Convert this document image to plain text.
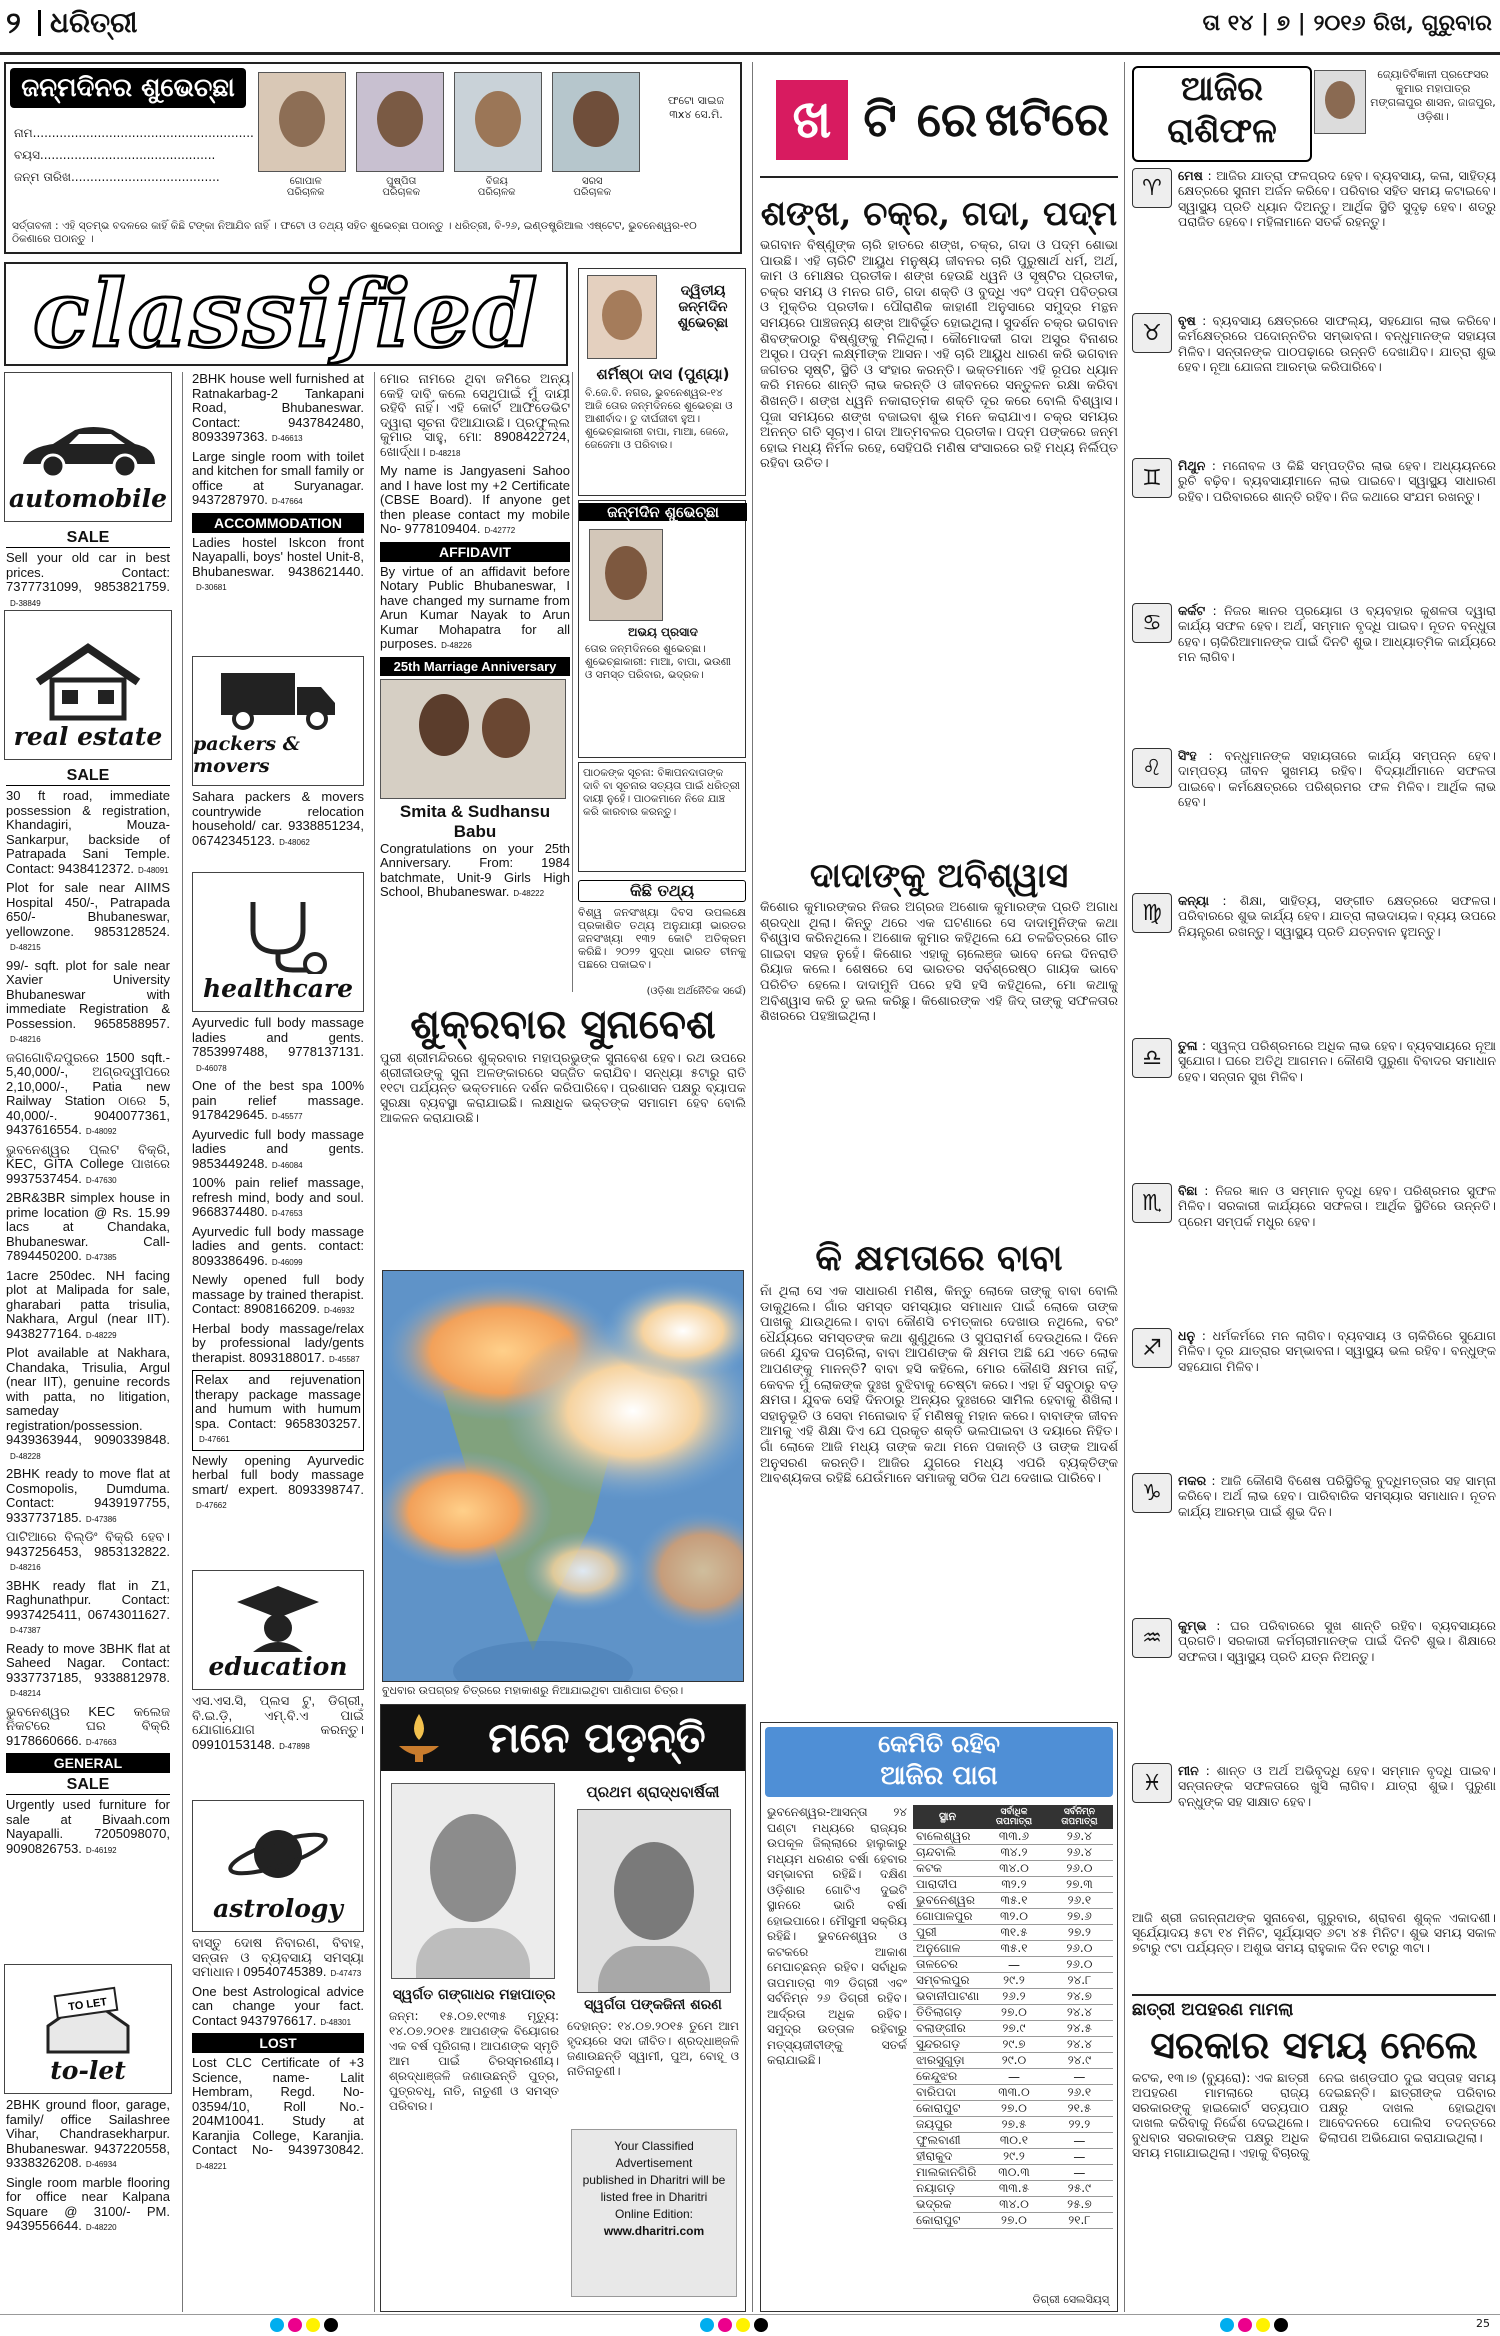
୨ ଧରିତ୍ରୀ	ତା ୧୪ | ୭ | ୨୦୧୬ ରିଖ, ଗୁରୁବାର
ଜନ୍ମଦିନର ଶୁଭେଚ୍ଛା
ନାମ..........................................................
ବୟସ..............................................
ଜନ୍ମ ତାରିଖ.......................................	ଗୋପାଳ
ପରିଚାଳକ
ପୁଷ୍ପିତା
ପରିଚାଳକ
ବିଜୟ
ପରିଚାଳକ
ସରସ
ପରିଚାଳକ
ଫଟୋ ସାଇଜ ୩x୪ ସେ.ମି.
ସର୍ତ୍ତାବଳୀ : ଏହି ସ୍ତମ୍ଭ ବଦଳରେ କାହିଁ କିଛି ଟଙ୍କା ନିଆଯିବ ନାହିଁ । ଫଟୋ ଓ ତଥ୍ୟ ସହିତ ଶୁଭେଚ୍ଛା ପଠାନ୍ତୁ । ଧରିତ୍ରୀ, ବି-୨୬, ଇଣ୍ଡଷ୍ଟ୍ରିଆଲ ଏଷ୍ଟେଟ, ଭୁବନେଶ୍ୱର-୧୦ ଠିକଣାରେ ପଠାନ୍ତୁ ।
classified
automobile
real estate
SALE
Sell your old car in best prices. Contact: 7377731099, 9853821759.D-38849
SALE
30 ft road, immediate possession & registration, Khandagiri, Mouza-Sankarpur, backside of Patrapada Sani Temple. Contact: 9438412372. D-48091
Plot for sale near AIIMS Hospital 450/-, Patrapada 650/- Bhubaneswar, yellowzone. 9853128524.D-48215
99/- sqft. plot for sale near Xavier University Bhubaneswar with immediate Registration & Possession. 9658588957.D-48216
ଜଗଗୋବିନ୍ଦପୁରରେ 1500 sqft.- 5,40,000/-, ଅଗ୍ରଦ୍ୱୀପରେ 2,10,000/-, Patia new Railway Station ଠାରେ 5, 40,000/-. 9040077361, 9437616554. D-48092
ଭୁବନେଶ୍ୱର ପ୍ଲଟ ବିକ୍ରି, KEC, GITA College ପାଖରେ 9937537454. D-47630
2BR&3BR simplex house in prime location @ Rs. 15.99 lacs at Chandaka, Bhubaneswar. Call- 7894450200. D-47385
1acre 250dec. NH facing plot at Malipada for sale, gharabari patta trisulia, Nakhara, Argul (near IIT). 9438277164. D-48229
Plot available at Nakhara, Chandaka, Trisulia, Argul (near IIT), genuine records with patta, no litigation, sameday registration/possession. 9439363944, 9090339848.D-48228
2BHK ready to move flat at Cosmopolis, Dumduma. Contact: 9439197755, 9337737185. D-47386
ପାଟିଆରେ ବିଲ୍ଡିଂ ବିକ୍ରି ହେବ। 9437256453, 9853132822.D-48216
3BHK ready flat in Z1, Raghunathpur. Contact: 9937425411, 06743011627.D-47387
Ready to move 3BHK flat at Saheed Nagar. Contact: 9337737185, 9338812978.D-48214
ଭୁବନେଶ୍ୱର KEC କଲେଜ ନିକଟରେ ଘର ବିକ୍ରି 9178660666. D-47663
GENERAL
SALE
Urgently used furniture for sale at Bivaah.com Nayapalli. 7205098070, 9090826753. D-46192
TO LET
to-let
2BHK ground floor, garage, family/ office Sailashree Vihar, Chandrasekharpur. Bhubaneswar. 9437220558, 9338326208. D-46934
Single room marble flooring for office near Kalpana Square @ 3100/- PM. 9439556644. D-48220
2BHK house well furnished at Ratnakarbag-2 Tankapani Road, Bhubaneswar. Contact: 9437842480, 8093397363. D-46613
Large single room with toilet and kitchen for small family or office at Suryanagar. 9437287970. D-47664
ACCOMMODATION
Ladies hostel Iskcon front Nayapalli, boys' hostel Unit-8, Bhubaneswar. 9438621440.D-30681
packers & movers
Sahara packers & movers countrywide relocation household/ car. 9338851234, 06742345123. D-48062
healthcare
Ayurvedic full body massage ladies and gents. 7853997488, 9778137131.D-46078
One of the best spa 100% pain relief massage. 9178429645. D-45577
Ayurvedic full body massage ladies and gents. 9853449248. D-46084
100% pain relief massage, refresh mind, body and soul. 9668374480. D-47653
Ayurvedic full body massage ladies and gents. contact: 8093386496. D-46099
Newly opened full body massage by trained therapist. Contact: 8908166209. D-46932
Herbal body massage/relax by professional lady/gents therapist. 8093188017. D-45587
Relax and rejuvenation therapy package massage and humum with humum spa. Contact: 9658303257.D-47661
Newly opening Ayurvedic herbal full body massage smart/ expert. 8093398747.D-47662
education
ଏସ.ଏସ.ସି, ପ୍ଲସ ଟୁ, ଡିଗ୍ରୀ, ବି.ଇ.ଡ଼ି, ଏମ୍.ବି.ଏ ପାଇଁ ଯୋଗାଯୋଗ କରନ୍ତୁ। 09910153148. D-47898
astrology
ବାସ୍ତୁ ଦୋଷ ନିବାରଣ, ବିବାହ, ସନ୍ତାନ ଓ ବ୍ୟବସାୟ ସମସ୍ୟା ସମାଧାନ। 09540745389. D-47473
One best Astrological advice can change your fact. Contact 9437976617. D-48301
LOST
Lost CLC Certificate of +3 Science, name- Lalit Hembram, Regd. No- 03594/10, Roll No.- 204M10041. Study at Karanjia College, Karanjia. Contact No- 9439730842.D-48221
ମୋର ନାମରେ ଥିବା ଜମିରେ ଅନ୍ୟ କେହି ଦାବି କଲେ ସେଥିପାଇଁ ମୁଁ ଦାୟୀ ରହିବି ନାହିଁ। ଏହି କୋର୍ଟ ଆଫିଡେଭିଟ ଦ୍ୱାରା ସୂଚନା ଦିଆଯାଉଛି। ପ୍ରଫୁଲ୍ଲ କୁମାର ସାହୁ, ମୋ: 8908422724, ଖୋର୍ଦ୍ଧା। D-48218
My name is Jangyaseni Sahoo and I have lost my +2 Certificate (CBSE Board). If anyone get then please contact my mobile No- 9778109404. D-42772
AFFIDAVIT
By virtue of an affidavit before Notary Public Bhubaneswar, I have changed my surname from Arun Kumar Nayak to Arun Kumar Mohapatra for all purposes. D-48226
25th Marriage Anniversary
Smita & Sudhansu Babu
Congratulations on your 25th Anniversary. From: 1984 batchmate, Unit-9 Girls High School, Bhubaneswar. D-48222
ଦ୍ୱିତୀୟ ଜନ୍ମଦିନ ଶୁଭେଚ୍ଛା
ଶର୍ମିଷ୍ଠା ଦାସ (ପୁଣ୍ୟା)
ବି.ଜେ.ବି. ନଗର, ଭୁବନେଶ୍ୱର-୧୪ ଆଜି ତୋର ଜନ୍ମଦିନରେ ଶୁଭେଚ୍ଛା ଓ ଆଶୀର୍ବାଦ। ତୁ ଦୀର୍ଘଜୀବୀ ହୁଅ। ଶୁଭେଚ୍ଛାକାରୀ ବାପା, ମାଆ, ଜେଜେ, ଜେଜେମା ଓ ପରିବାର।
ଜନ୍ମଦିନ ଶୁଭେଚ୍ଛା
ଅଭୟ ପ୍ରସାଦ
ତୋର ଜନ୍ମଦିନରେ ଶୁଭେଚ୍ଛା। ଶୁଭେଚ୍ଛାକାରୀ: ମାଆ, ବାପା, ଭଉଣୀ ଓ ସମସ୍ତ ପରିବାର, ଭଦ୍ରକ।
ପାଠକଙ୍କ ସୂଚନା: ବିଜ୍ଞାପନଦାତାଙ୍କ ଦାବି ବା ସୂଚନାର ସତ୍ୟତା ପାଇଁ ଧରିତ୍ରୀ ଦାୟୀ ନୁହେଁ। ପାଠକମାନେ ନିଜେ ଯାଞ୍ଚ କରି କାରବାର କରନ୍ତୁ।
କିଛି ତଥ୍ୟ
ବିଶ୍ୱ ଜନସଂଖ୍ୟା ଦିବସ ଉପଲକ୍ଷେ ପ୍ରକାଶିତ ତଥ୍ୟ ଅନୁଯାୟୀ ଭାରତର ଜନସଂଖ୍ୟା ୧୩୨ କୋଟି ଅତିକ୍ରମ କରିଛି। ୨୦୨୨ ସୁଦ୍ଧା ଭାରତ ଚୀନକୁ ପଛରେ ପକାଇବ।
(ଓଡ଼ିଶା ଅର୍ଥନୈତିକ ସର୍ଭେ)
ଶୁକ୍ରବାର ସୁନାବେଶ
ପୁରୀ ଶ୍ରୀମନ୍ଦିରରେ ଶୁକ୍ରବାର ମହାପ୍ରଭୁଙ୍କ ସୁନାବେଶ ହେବ। ରଥ ଉପରେ ଶ୍ରୀଜୀଉଙ୍କୁ ସୁନା ଅଳଙ୍କାରରେ ସଜ୍ଜିତ କରାଯିବ। ସନ୍ଧ୍ୟା ୫ଟାରୁ ରାତି ୧୧ଟା ପର୍ଯ୍ୟନ୍ତ ଭକ୍ତମାନେ ଦର୍ଶନ କରିପାରିବେ। ପ୍ରଶାସନ ପକ୍ଷରୁ ବ୍ୟାପକ ସୁରକ୍ଷା ବ୍ୟବସ୍ଥା କରାଯାଇଛି। ଲକ୍ଷାଧିକ ଭକ୍ତଙ୍କ ସମାଗମ ହେବ ବୋଲି ଆକଳନ କରାଯାଉଛି।
ବୁଧବାର ଉପଗ୍ରହ ଚିତ୍ରରେ ମହାକାଶରୁ ନିଆଯାଇଥିବା ପାଣିପାଗ ଚିତ୍ର।
ମନେ ପଡ଼ନ୍ତି
ପ୍ରଥମ ଶ୍ରାଦ୍ଧବାର୍ଷିକୀ
ସ୍ୱର୍ଗତ ଗଙ୍ଗାଧର ମହାପାତ୍ର
ଜନ୍ମ: ୧୫.୦୭.୧୯୩୫ ମୃତ୍ୟୁ: ୧୪.୦୭.୨୦୧୫ ଆପଣଙ୍କ ବିୟୋଗର ଏକ ବର୍ଷ ପୂରିଗଲା। ଆପଣଙ୍କ ସ୍ମୃତି ଆମ ପାଇଁ ଚିରସ୍ମରଣୀୟ। ଶ୍ରଦ୍ଧାଞ୍ଜଳି ଜଣାଉଛନ୍ତି ପୁତ୍ର, ପୁତ୍ରବଧୂ, ନାତି, ନାତୁଣୀ ଓ ସମସ୍ତ ପରିବାର।
ସ୍ୱର୍ଗତା ପଙ୍କଜିନୀ ଶରଣ
ଦେହାନ୍ତ: ୧୪.୦୭.୨୦୧୫ ତୁମେ ଆମ ହୃଦୟରେ ସଦା ଜୀବିତ। ଶ୍ରଦ୍ଧାଞ୍ଜଳି ଜଣାଉଛନ୍ତି ସ୍ୱାମୀ, ପୁଅ, ବୋହୂ ଓ ନାତିନାତୁଣୀ।
Your Classified
Advertisement
published in Dharitri will be
listed free in Dharitri
Online Edition:
www.dharitri.com
ଖ ଟି ରେ ଖଟିରେ
ଶଙ୍ଖ, ଚକ୍ର, ଗଦା, ପଦ୍ମ
ଭଗବାନ ବିଷ୍ଣୁଙ୍କ ଚାରି ହାତରେ ଶଙ୍ଖ, ଚକ୍ର, ଗଦା ଓ ପଦ୍ମ ଶୋଭା ପାଉଛି। ଏହି ଚାରିଟି ଆୟୁଧ ମନୁଷ୍ୟ ଜୀବନର ଚାରି ପୁରୁଷାର୍ଥ ଧର୍ମ, ଅର୍ଥ, କାମ ଓ ମୋକ୍ଷର ପ୍ରତୀକ। ଶଙ୍ଖ ହେଉଛି ଧ୍ୱନି ଓ ସୃଷ୍ଟିର ପ୍ରତୀକ, ଚକ୍ର ସମୟ ଓ ମନର ଗତି, ଗଦା ଶକ୍ତି ଓ ବୁଦ୍ଧି ଏବଂ ପଦ୍ମ ପବିତ୍ରତା ଓ ମୁକ୍ତିର ପ୍ରତୀକ। ପୌରାଣିକ କାହାଣୀ ଅନୁସାରେ ସମୁଦ୍ର ମନ୍ଥନ ସମୟରେ ପାଞ୍ଚଜନ୍ୟ ଶଙ୍ଖ ଆବିର୍ଭୂତ ହୋଇଥିଲା। ସୁଦର୍ଶନ ଚକ୍ର ଭଗବାନ ଶିବଙ୍କଠାରୁ ବିଷ୍ଣୁଙ୍କୁ ମିଳିଥିଲା। କୌମୋଦକୀ ଗଦା ଅସୁର ବିନାଶର ଅସ୍ତ୍ର। ପଦ୍ମ ଲକ୍ଷ୍ମୀଙ୍କ ଆସନ। ଏହି ଚାରି ଆୟୁଧ ଧାରଣ କରି ଭଗବାନ ଜଗତର ସୃଷ୍ଟି, ସ୍ଥିତି ଓ ସଂହାର କରନ୍ତି। ଭକ୍ତମାନେ ଏହି ରୂପର ଧ୍ୟାନ କରି ମନରେ ଶାନ୍ତି ଲାଭ କରନ୍ତି ଓ ଜୀବନରେ ସନ୍ତୁଳନ ରକ୍ଷା କରିବା ଶିଖନ୍ତି। ଶଙ୍ଖ ଧ୍ୱନି ନକାରାତ୍ମକ ଶକ୍ତି ଦୂର କରେ ବୋଲି ବିଶ୍ୱାସ। ପୂଜା ସମୟରେ ଶଙ୍ଖ ବଜାଇବା ଶୁଭ ମନେ କରାଯାଏ। ଚକ୍ର ସମୟର ଅନନ୍ତ ଗତି ସୂଚାଏ। ଗଦା ଆତ୍ମବଳର ପ୍ରତୀକ। ପଦ୍ମ ପଙ୍କରେ ଜନ୍ମ ହୋଇ ମଧ୍ୟ ନିର୍ମଳ ରହେ, ସେହିପରି ମଣିଷ ସଂସାରରେ ରହି ମଧ୍ୟ ନିର୍ଲିପ୍ତ ରହିବା ଉଚିତ।
ଦାଦାଙ୍କୁ ଅବିଶ୍ୱାସ
କିଶୋର କୁମାରଙ୍କର ନିଜର ଅଗ୍ରଜ ଅଶୋକ କୁମାରଙ୍କ ପ୍ରତି ଅଗାଧ ଶ୍ରଦ୍ଧା ଥିଲା। କିନ୍ତୁ ଥରେ ଏକ ଘଟଣାରେ ସେ ଦାଦାମୁନିଙ୍କ କଥା ବିଶ୍ୱାସ କରିନଥିଲେ। ଅଶୋକ କୁମାର କହିଥିଲେ ଯେ ଚଳଚ୍ଚିତ୍ରରେ ଗୀତ ଗାଇବା ସହଜ ନୁହେଁ। କିଶୋର ଏହାକୁ ଚାଲେଞ୍ଜ ଭାବେ ନେଇ ଦିନରାତି ରିୟାଜ କଲେ। ଶେଷରେ ସେ ଭାରତର ସର୍ବଶ୍ରେଷ୍ଠ ଗାୟକ ଭାବେ ପରିଚିତ ହେଲେ। ଦାଦାମୁନି ପରେ ହସି ହସି କହିଥିଲେ, ମୋ କଥାକୁ ଅବିଶ୍ୱାସ କରି ତୁ ଭଲ କରିଛୁ। କିଶୋରଙ୍କ ଏହି ଜିଦ୍ ତାଙ୍କୁ ସଫଳତାର ଶିଖରରେ ପହଞ୍ଚାଇଥିଲା।
କି କ୍ଷମତାରେ ବାବା
ନାଁ ଥିଲା ସେ ଏକ ସାଧାରଣ ମଣିଷ, କିନ୍ତୁ ଲୋକେ ତାଙ୍କୁ ବାବା ବୋଲି ଡାକୁଥିଲେ। ଗାଁର ସମସ୍ତ ସମସ୍ୟାର ସମାଧାନ ପାଇଁ ଲୋକେ ତାଙ୍କ ପାଖକୁ ଯାଉଥିଲେ। ବାବା କୌଣସି ଚମତ୍କାର ଦେଖାଉ ନଥିଲେ, ବରଂ ଧୈର୍ଯ୍ୟରେ ସମସ୍ତଙ୍କ କଥା ଶୁଣୁଥିଲେ ଓ ସୁପରାମର୍ଶ ଦେଉଥିଲେ। ଦିନେ ଜଣେ ଯୁବକ ପଚାରିଲା, ବାବା ଆପଣଙ୍କ କି କ୍ଷମତା ଅଛି ଯେ ଏତେ ଲୋକ ଆପଣଙ୍କୁ ମାନନ୍ତି? ବାବା ହସି କହିଲେ, ମୋର କୌଣସି କ୍ଷମତା ନାହିଁ, କେବଳ ମୁଁ ଲୋକଙ୍କ ଦୁଃଖ ବୁଝିବାକୁ ଚେଷ୍ଟା କରେ। ଏହା ହିଁ ସବୁଠାରୁ ବଡ଼ କ୍ଷମତା। ଯୁବକ ସେହି ଦିନଠାରୁ ଅନ୍ୟର ଦୁଃଖରେ ସାମିଲ ହେବାକୁ ଶିଖିଲା। ସହାନୁଭୂତି ଓ ସେବା ମନୋଭାବ ହିଁ ମଣିଷକୁ ମହାନ କରେ। ବାବାଙ୍କ ଜୀବନ ଆମକୁ ଏହି ଶିକ୍ଷା ଦିଏ ଯେ ପ୍ରକୃତ ଶକ୍ତି ଭଲପାଇବା ଓ ଦୟାରେ ନିହିତ। ଗାଁ ଲୋକେ ଆଜି ମଧ୍ୟ ତାଙ୍କ କଥା ମନେ ପକାନ୍ତି ଓ ତାଙ୍କ ଆଦର୍ଶ ଅନୁସରଣ କରନ୍ତି। ଆଜିର ଯୁଗରେ ମଧ୍ୟ ଏପରି ବ୍ୟକ୍ତିଙ୍କ ଆବଶ୍ୟକତା ରହିଛି ଯେଉଁମାନେ ସମାଜକୁ ସଠିକ ପଥ ଦେଖାଇ ପାରିବେ।
କେମିତି ରହିବ
ଆଜିର ପାଗ
ଭୁବନେଶ୍ୱର-ଆସନ୍ତା ୨୪ ଘଣ୍ଟା ମଧ୍ୟରେ ରାଜ୍ୟର ଉପକୂଳ ଜିଲ୍ଲାରେ ହାଲୁକାରୁ ମଧ୍ୟମ ଧରଣର ବର୍ଷା ହେବାର ସମ୍ଭାବନା ରହିଛି। ଦକ୍ଷିଣ ଓଡ଼ିଶାର ଗୋଟିଏ ଦୁଇଟି ସ୍ଥାନରେ ଭାରି ବର୍ଷା ହୋଇପାରେ। ମୌସୁମୀ ସକ୍ରିୟ ରହିଛି। ଭୁବନେଶ୍ୱର ଓ କଟକରେ ଆକାଶ ମେଘାଚ୍ଛନ୍ନ ରହିବ। ସର୍ବାଧିକ ତାପମାତ୍ରା ୩୨ ଡିଗ୍ରୀ ଏବଂ ସର୍ବନିମ୍ନ ୨୬ ଡିଗ୍ରୀ ରହିବ। ଆର୍ଦ୍ରତା ଅଧିକ ରହିବ। ସମୁଦ୍ର ଉତ୍ତାଳ ରହିବାରୁ ମତ୍ସ୍ୟଜୀବୀଙ୍କୁ ସତର୍କ କରାଯାଇଛି।
ସ୍ଥାନ	ସର୍ବାଧିକ ତାପମାତ୍ରା	ସର୍ବନିମ୍ନ ତାପମାତ୍ରା
ବାଲେଶ୍ୱର	୩୩.୬	୨୬.୪
ଚାନ୍ଦବାଲି	୩୪.୨	୨୬.୪
କଟକ	୩୪.୦	୨୬.୦
ପାରାଦୀପ	୩୨.୨	୨୭.୩
ଭୁବନେଶ୍ୱର	୩୫.୧	୨୬.୧
ଗୋପାଳପୁର	୩୨.୦	୨୭.୬
ପୁରୀ	୩୧.୫	୨୭.୨
ଅନୁଗୋଳ	୩୫.୧	୨୬.୦
ତାଳଚେର	—	୨୬.୦
ସମ୍ବଲପୁର	୨୯.୨	୨୪.୮
ଭବାନୀପାଟଣା	୨୬.୨	୨୪.୭
ତିତିଲାଗଡ଼	୨୭.୦	୨୪.୪
ବଲାଙ୍ଗୀର	୨୭.୯	୨୪.୫
ସୁନ୍ଦରଗଡ଼	୨୯.୭	୨୪.୪
ଝାରସୁଗୁଡ଼ା	୨୯.୦	୨୪.୯
କେନ୍ଦୁଝର	—	—
ବାରିପଦା	୩୩.୦	୨୬.୧
କୋରାପୁଟ	୨୭.୦	୨୧.୫
ଜୟପୁର	୨୭.୫	୨୨.୨
ଫୁଲବାଣୀ	୩୦.୧	—
ହୀରାକୁଦ	୨୯.୨	—
ମାଲକାନଗିରି	୩୦.୩	—
ନୟାଗଡ଼	୩୩.୫	୨୫.୯
ଭଦ୍ରକ	୩୪.୦	୨୫.୭
କୋରାପୁଟ	୨୭.୦	୨୧.୮
ଡିଗ୍ରୀ ସେଲସିୟସ୍‌
ଆଜିର
ରାଶିଫଳ
ଜ୍ୟୋତିର୍ବିଜ୍ଞାନୀ ପ୍ରଫେସର କୁମାର ମହାପାତ୍ର ମଙ୍ଗଳାପୁର ଶାସନ, ଜାଜପୁର, ଓଡ଼ିଶା।
♈	ମେଷ : ଆଜିର ଯାତ୍ରା ଫଳପ୍ରଦ ହେବ। ବ୍ୟବସାୟ, କଳା, ସାହିତ୍ୟ କ୍ଷେତ୍ରରେ ସୁନାମ ଅର୍ଜନ କରିବେ। ପରିବାର ସହିତ ସମୟ କଟାଇବେ। ସ୍ୱାସ୍ଥ୍ୟ ପ୍ରତି ଧ୍ୟାନ ଦିଅନ୍ତୁ। ଆର୍ଥିକ ସ୍ଥିତି ସୁଦୃଢ଼ ହେବ। ଶତ୍ରୁ ପରାଜିତ ହେବେ। ମହିଳାମାନେ ସତର୍କ ରହନ୍ତୁ।
♉	ବୃଷ : ବ୍ୟବସାୟ କ୍ଷେତ୍ରରେ ସାଫଲ୍ୟ, ସହଯୋଗ ଲାଭ କରିବେ। କର୍ମକ୍ଷେତ୍ରରେ ପଦୋନ୍ନତିର ସମ୍ଭାବନା। ବନ୍ଧୁମାନଙ୍କ ସହାୟତା ମିଳିବ। ସନ୍ତାନଙ୍କ ପାଠପଢ଼ାରେ ଉନ୍ନତି ଦେଖାଯିବ। ଯାତ୍ରା ଶୁଭ ହେବ। ନୂଆ ଯୋଜନା ଆରମ୍ଭ କରିପାରିବେ।
♊	ମିଥୁନ : ମନୋବଳ ଓ କିଛି ସମ୍ପତ୍ତିର ଲାଭ ହେବ। ଅଧ୍ୟୟନରେ ରୁଚି ବଢ଼ିବ। ବ୍ୟବସାୟୀମାନେ ଲାଭ ପାଇବେ। ସ୍ୱାସ୍ଥ୍ୟ ସାଧାରଣ ରହିବ। ପରିବାରରେ ଶାନ୍ତି ରହିବ। ନିଜ କଥାରେ ସଂଯମ ରଖନ୍ତୁ।
♋	କର୍କଟ : ନିଜର ଜ୍ଞାନର ପ୍ରୟୋଗ ଓ ବ୍ୟବହାର କୁଶଳତା ଦ୍ୱାରା କାର୍ଯ୍ୟ ସଫଳ ହେବ। ଅର୍ଥ, ସମ୍ମାନ ବୃଦ୍ଧି ପାଇବ। ନୂତନ ବନ୍ଧୁତା ହେବ। ଚାକିରିଆମାନଙ୍କ ପାଇଁ ଦିନଟି ଶୁଭ। ଆଧ୍ୟାତ୍ମିକ କାର୍ଯ୍ୟରେ ମନ ଲାଗିବ।
♌	ସିଂହ : ବନ୍ଧୁମାନଙ୍କ ସହାୟତାରେ କାର୍ଯ୍ୟ ସମ୍ପନ୍ନ ହେବ। ଦାମ୍ପତ୍ୟ ଜୀବନ ସୁଖମୟ ରହିବ। ବିଦ୍ୟାର୍ଥୀମାନେ ସଫଳତା ପାଇବେ। କର୍ମକ୍ଷେତ୍ରରେ ପରିଶ୍ରମର ଫଳ ମିଳିବ। ଆର୍ଥିକ ଲାଭ ହେବ।
♍	କନ୍ୟା : ଶିକ୍ଷା, ସାହିତ୍ୟ, ସଙ୍ଗୀତ କ୍ଷେତ୍ରରେ ସଫଳତା। ପରିବାରରେ ଶୁଭ କାର୍ଯ୍ୟ ହେବ। ଯାତ୍ରା ଲାଭଦାୟକ। ବ୍ୟୟ ଉପରେ ନିୟନ୍ତ୍ରଣ ରଖନ୍ତୁ। ସ୍ୱାସ୍ଥ୍ୟ ପ୍ରତି ଯତ୍ନବାନ ହୁଅନ୍ତୁ।
♎	ତୁଳା : ସ୍ୱଳ୍ପ ପରିଶ୍ରମରେ ଅଧିକ ଲାଭ ହେବ। ବ୍ୟବସାୟରେ ନୂଆ ସୁଯୋଗ। ଘରେ ଅତିଥି ଆଗମନ। କୌଣସି ପୁରୁଣା ବିବାଦର ସମାଧାନ ହେବ। ସନ୍ତାନ ସୁଖ ମିଳିବ।
♏	ବିଛା : ନିଜର ଜ୍ଞାନ ଓ ସମ୍ମାନ ବୃଦ୍ଧି ହେବ। ପରିଶ୍ରମର ସୁଫଳ ମିଳିବ। ସରକାରୀ କାର୍ଯ୍ୟରେ ସଫଳତା। ଆର୍ଥିକ ସ୍ଥିତିରେ ଉନ୍ନତି। ପ୍ରେମ ସମ୍ପର୍କ ମଧୁର ହେବ।
♐	ଧନୁ : ଧର୍ମକର୍ମରେ ମନ ଲାଗିବ। ବ୍ୟବସାୟ ଓ ଚାକିରିରେ ସୁଯୋଗ ମିଳିବ। ଦୂର ଯାତ୍ରାର ସମ୍ଭାବନା। ସ୍ୱାସ୍ଥ୍ୟ ଭଲ ରହିବ। ବନ୍ଧୁଙ୍କ ସହଯୋଗ ମିଳିବ।
♑	ମକର : ଆଜି କୌଣସି ବିଶେଷ ପରିସ୍ଥିତିକୁ ବୁଦ୍ଧିମତ୍ତାର ସହ ସାମ୍ନା କରିବେ। ଅର୍ଥ ଲାଭ ହେବ। ପାରିବାରିକ ସମସ୍ୟାର ସମାଧାନ। ନୂତନ କାର୍ଯ୍ୟ ଆରମ୍ଭ ପାଇଁ ଶୁଭ ଦିନ।
♒	କୁମ୍ଭ : ଘର ପରିବାରରେ ସୁଖ ଶାନ୍ତି ରହିବ। ବ୍ୟବସାୟରେ ପ୍ରଗତି। ସରକାରୀ କର୍ମଚାରୀମାନଙ୍କ ପାଇଁ ଦିନଟି ଶୁଭ। ଶିକ୍ଷାରେ ସଫଳତା। ସ୍ୱାସ୍ଥ୍ୟ ପ୍ରତି ଯତ୍ନ ନିଅନ୍ତୁ।
♓	ମୀନ : ଶାନ୍ତ ଓ ଅର୍ଥ ଅଭିବୃଦ୍ଧି ହେବ। ସମ୍ମାନ ବୃଦ୍ଧି ପାଇବ। ସନ୍ତାନଙ୍କ ସଫଳତାରେ ଖୁସି ଲାଗିବ। ଯାତ୍ରା ଶୁଭ। ପୁରୁଣା ବନ୍ଧୁଙ୍କ ସହ ସାକ୍ଷାତ ହେବ।
ଆଜି ଶ୍ରୀ ଜଗନ୍ନାଥଙ୍କ ସୁନାବେଶ, ଗୁରୁବାର, ଶ୍ରାବଣ ଶୁକ୍ଳ ଏକାଦଶୀ। ସୂର୍ଯ୍ୟୋଦୟ ୫ଟା ୧୪ ମିନିଟ, ସୂର୍ଯ୍ୟାସ୍ତ ୬ଟା ୪୫ ମିନିଟ। ଶୁଭ ସମୟ ସକାଳ ୭ଟାରୁ ୯ଟା ପର୍ଯ୍ୟନ୍ତ। ଅଶୁଭ ସମୟ ରାହୁକାଳ ଦିନ ୧ଟାରୁ ୩ଟା।
ଛାତ୍ରୀ ଅପହରଣ ମାମଲା
ସରକାର ସମୟ ନେଲେ
କଟକ, ୧୩।୭ (ବ୍ୟୁରୋ): ଏକ ଛାତ୍ରୀ ଅପହରଣ ମାମଲାରେ ରାଜ୍ୟ ସରକାରଙ୍କୁ ହାଇକୋର୍ଟ ସତ୍ୟପାଠ ଦାଖଲ କରିବାକୁ ନିର୍ଦ୍ଦେଶ ଦେଇଥିଲେ। ବୁଧବାର ସରକାରଙ୍କ ପକ୍ଷରୁ ଅଧିକ ସମୟ ମଗାଯାଇଥିଲା। ଏହାକୁ ବିଚାରକୁ ନେଇ ଖଣ୍ଡପୀଠ ଦୁଇ ସପ୍ତାହ ସମୟ ଦେଇଛନ୍ତି। ଛାତ୍ରୀଙ୍କ ପରିବାର ପକ୍ଷରୁ ଦାଖଲ ହୋଇଥିବା ଆବେଦନରେ ପୋଲିସ ତଦନ୍ତରେ ଢିଲାପଣ ଅଭିଯୋଗ କରାଯାଇଥିଲା।
25
